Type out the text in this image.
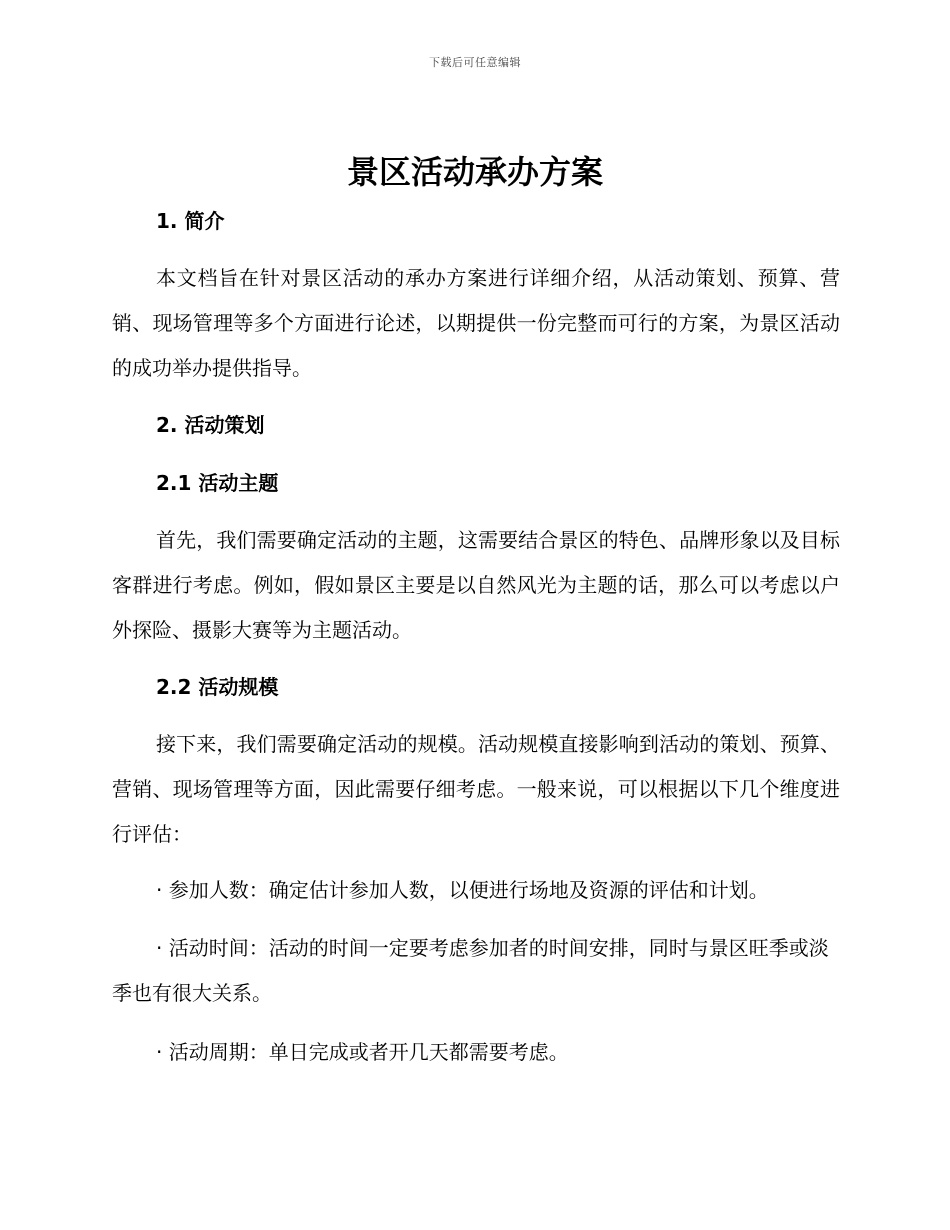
下载后可任意编辑
景区活动承办方案
1. 简介

本文档旨在针对景区活动的承办方案进行详细介绍，从活动策划、预算、营销、现场管理等多个方面进行论述，以期提供一份完整而可行的方案，为景区活动的成功举办提供指导。

2. 活动策划
2.1 活动主题

首先，我们需要确定活动的主题，这需要结合景区的特色、品牌形象以及目标客群进行考虑。例如，假如景区主要是以自然风光为主题的话，那么可以考虑以户外探险、摄影大赛等为主题活动。

2.2 活动规模

接下来，我们需要确定活动的规模。活动规模直接影响到活动的策划、预算、营销、现场管理等方面，因此需要仔细考虑。一般来说，可以根据以下几个维度进行评估：

· 参加人数：确定估计参加人数，以便进行场地及资源的评估和计划。

· 活动时间：活动的时间一定要考虑参加者的时间安排，同时与景区旺季或淡季也有很大关系。

· 活动周期：单日完成或者开几天都需要考虑。
